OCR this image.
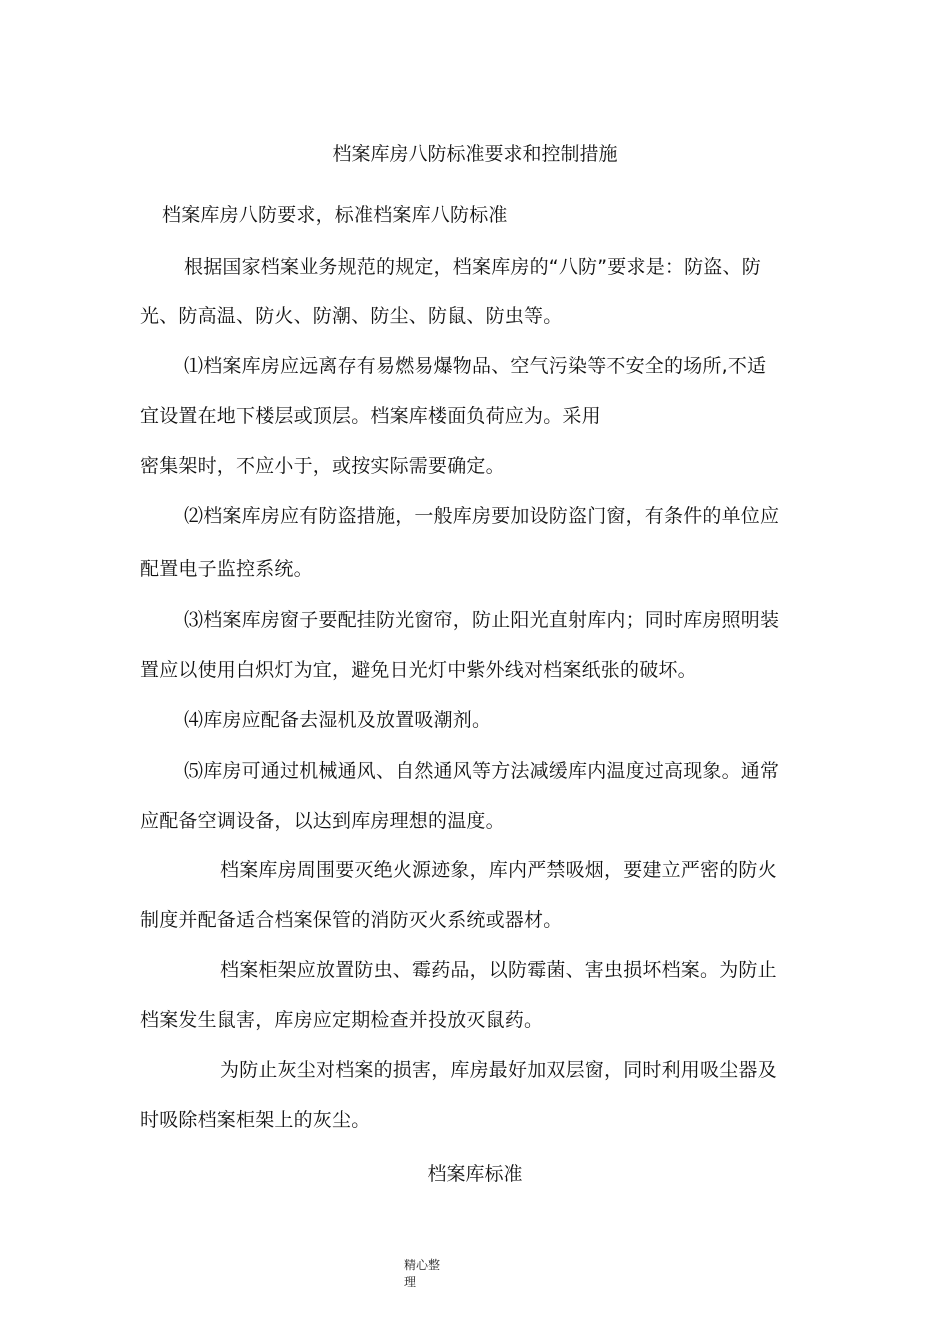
档案库房八防标准要求和控制措施
档案库房八防要求，标准档案库八防标准
根据国家档案业务规范的规定，档案库房的“八防”要求是：防盗、防
光、防高温、防火、防潮、防尘、防鼠、防虫等。
⑴档案库房应远离存有易燃易爆物品、空气污染等不安全的场所,不适
宜设置在地下楼层或顶层。档案库楼面负荷应为。采用
密集架时，不应小于，或按实际需要确定。
⑵档案库房应有防盗措施，一般库房要加设防盗门窗，有条件的单位应
配置电子监控系统。
⑶档案库房窗子要配挂防光窗帘，防止阳光直射库内；同时库房照明装
置应以使用白炽灯为宜，避免日光灯中紫外线对档案纸张的破坏。
⑷库房应配备去湿机及放置吸潮剂。
⑸库房可通过机械通风、自然通风等方法减缓库内温度过高现象。通常
应配备空调设备，以达到库房理想的温度。
档案库房周围要灭绝火源迹象，库内严禁吸烟，要建立严密的防火
制度并配备适合档案保管的消防灭火系统或器材。
档案柜架应放置防虫、霉药品，以防霉菌、害虫损坏档案。为防止
档案发生鼠害，库房应定期检查并投放灭鼠药。
为防止灰尘对档案的损害，库房最好加双层窗，同时利用吸尘器及
时吸除档案柜架上的灰尘。
档案库标准
精心整
理
